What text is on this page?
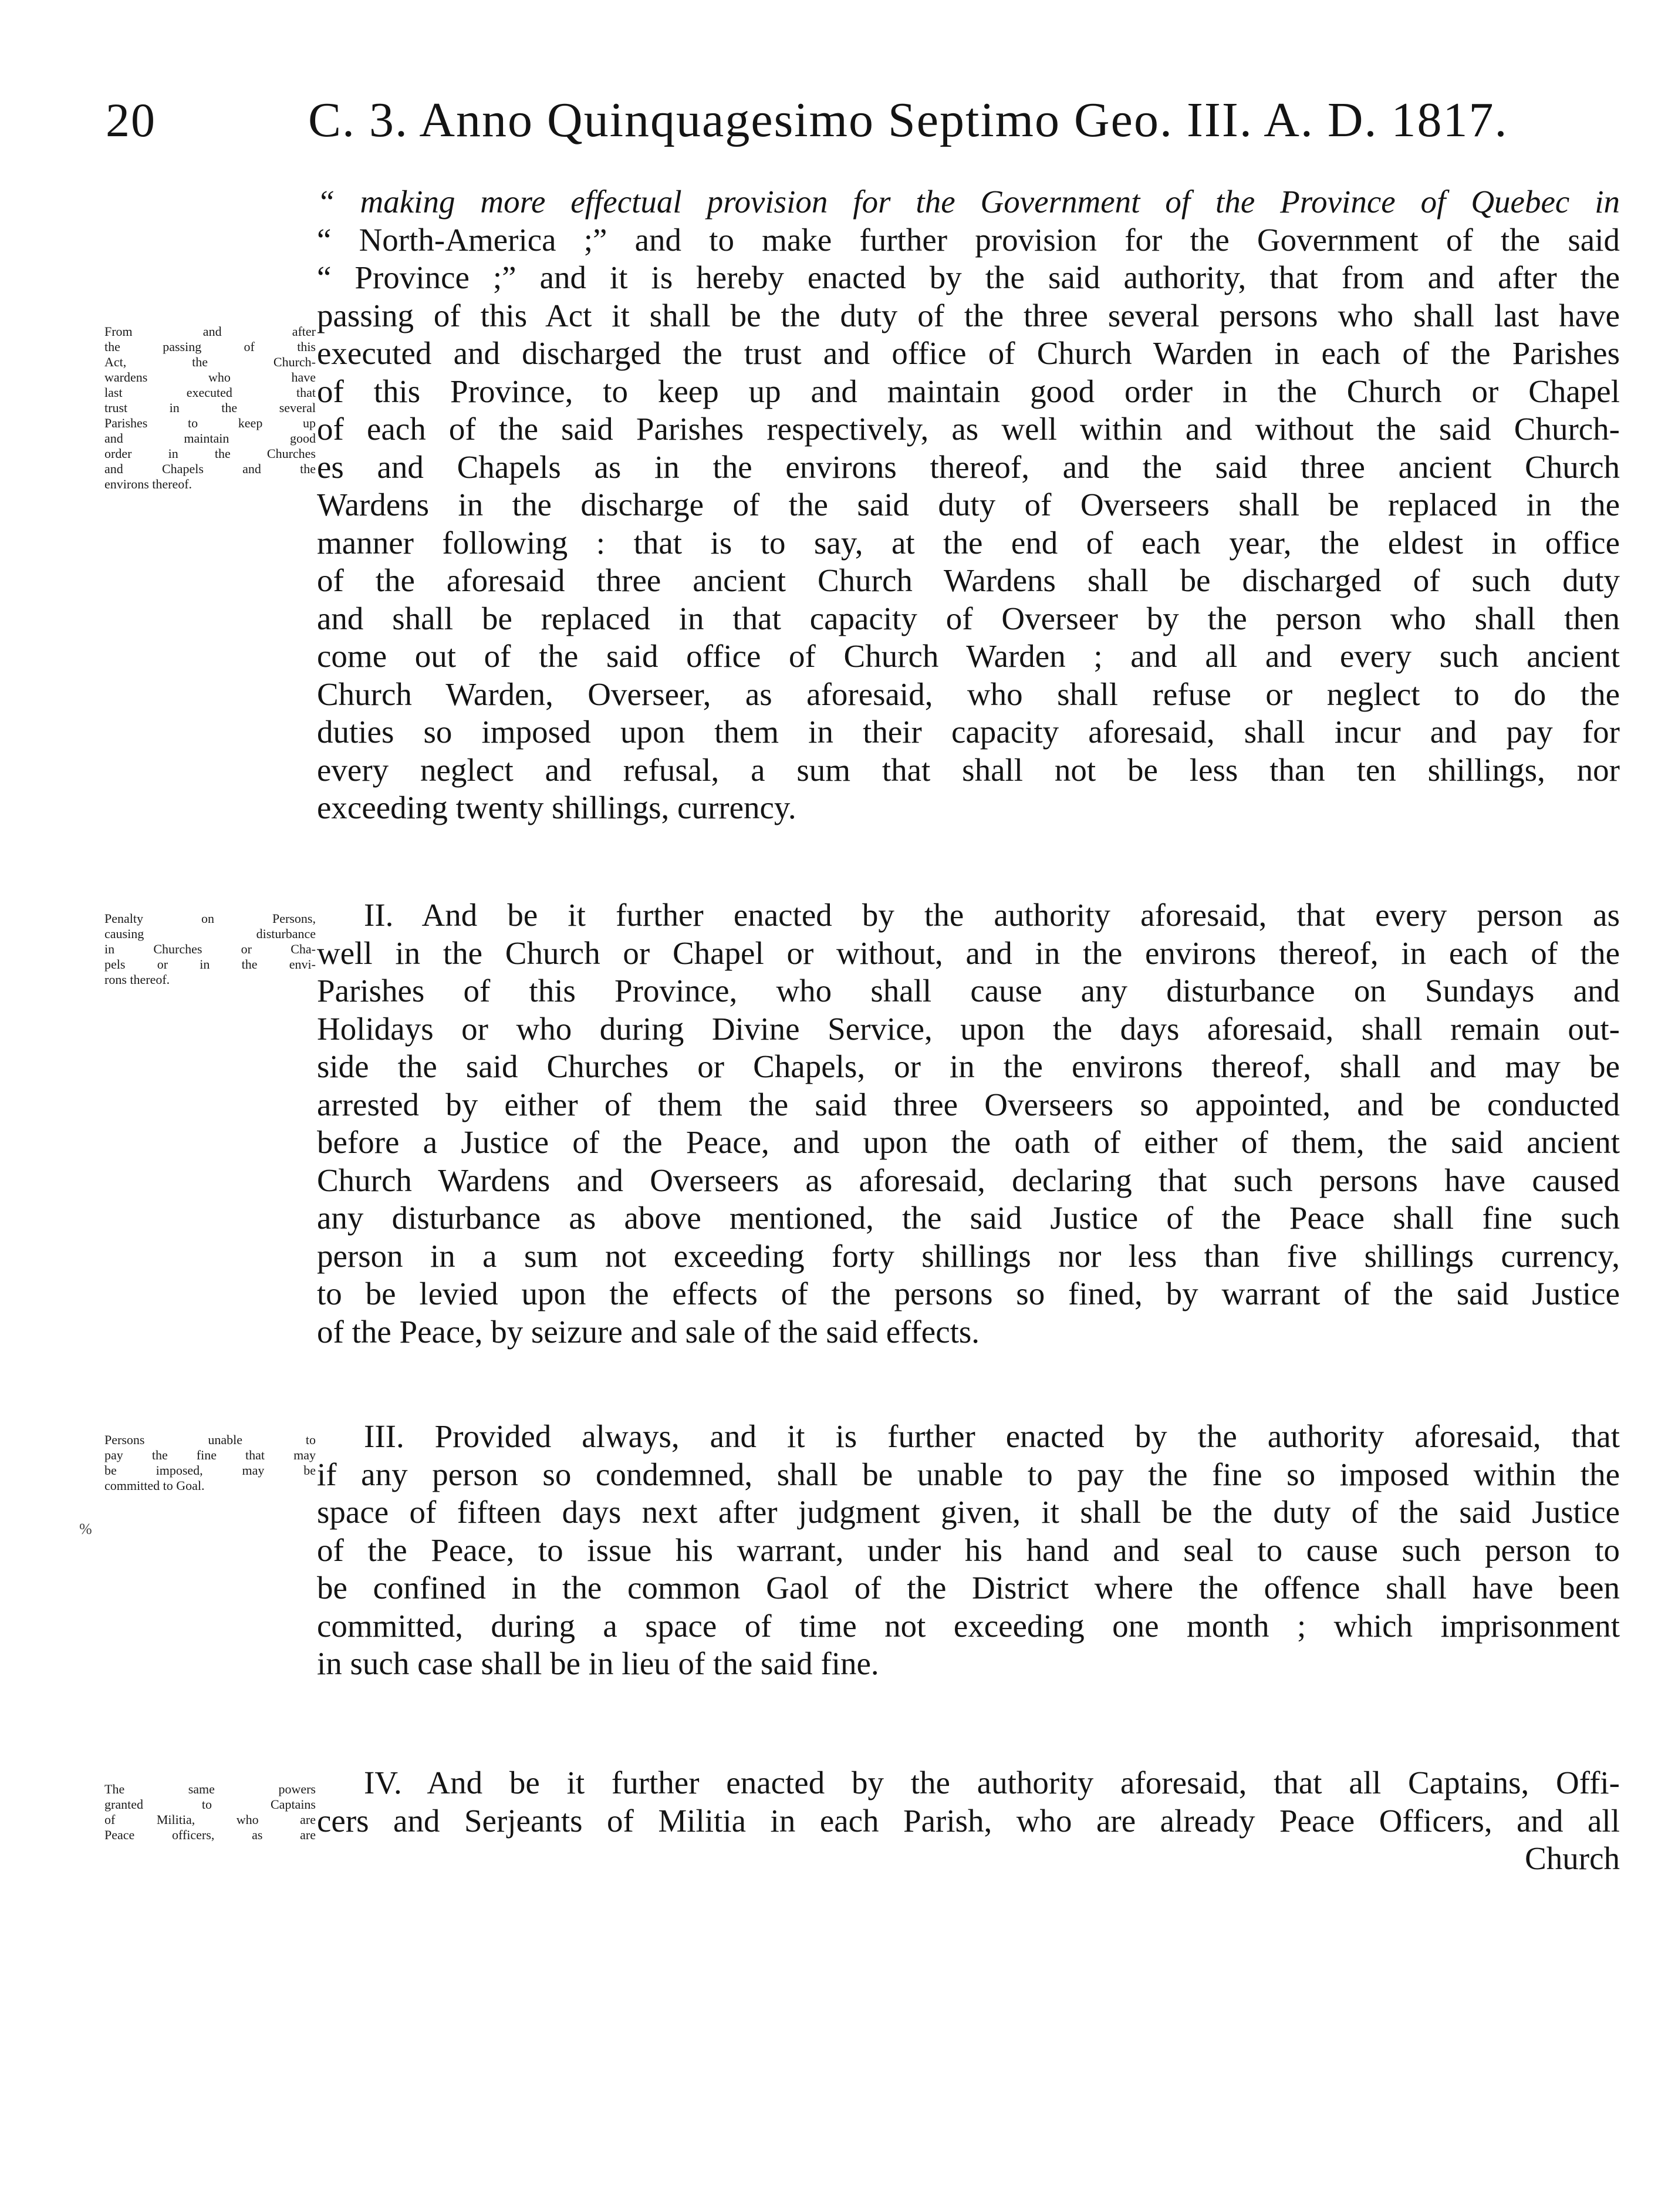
20	C. 3. Anno Quinquagesimo Septimo Geo. III. A. D. 1817.
From and after
the passing of this
Act, the Church-
wardens who have
last executed that
trust in the several
Parishes to keep up
and maintain good
order in the Churches
and Chapels and the
environs thereof.
“ making more effectual provision for the Government of the Province of Quebec in
“ North-America ;” and to make further provision for the Government of the said
“ Province ;” and it is hereby enacted by the said authority, that from and after the
passing of this Act it shall be the duty of the three several persons who shall last have
executed and discharged the trust and office of Church Warden in each of the Parishes
of this Province, to keep up and maintain good order in the Church or Chapel
of each of the said Parishes respectively, as well within and without the said Church-
es and Chapels as in the environs thereof, and the said three ancient Church
Wardens in the discharge of the said duty of Overseers shall be replaced in the
manner following : that is to say, at the end of each year, the eldest in office
of the aforesaid three ancient Church Wardens shall be discharged of such duty
and shall be replaced in that capacity of Overseer by the person who shall then
come out of the said office of Church Warden ; and all and every such ancient
Church Warden, Overseer, as aforesaid, who shall refuse or neglect to do the
duties so imposed upon them in their capacity aforesaid, shall incur and pay for
every neglect and refusal, a sum that shall not be less than ten shillings, nor
exceeding twenty shillings, currency.
Penalty on Persons,
causing disturbance
in Churches or Cha-
pels or in the envi-
rons thereof.
II. And be it further enacted by the authority aforesaid, that every person as
well in the Church or Chapel or without, and in the environs thereof, in each of the
Parishes of this Province, who shall cause any disturbance on Sundays and
Holidays or who during Divine Service, upon the days aforesaid, shall remain out-
side the said Churches or Chapels, or in the environs thereof, shall and may be
arrested by either of them the said three Overseers so appointed, and be conducted
before a Justice of the Peace, and upon the oath of either of them, the said ancient
Church Wardens and Overseers as aforesaid, declaring that such persons have caused
any disturbance as above mentioned, the said Justice of the Peace shall fine such
person in a sum not exceeding forty shillings nor less than five shillings currency,
to be levied upon the effects of the persons so fined, by warrant of the said Justice
of the Peace, by seizure and sale of the said effects.
Persons unable to
pay the fine that may
be imposed, may be
committed to Goal.
%
III. Provided always, and it is further enacted by the authority aforesaid, that
if any person so condemned, shall be unable to pay the fine so imposed within the
space of fifteen days next after judgment given, it shall be the duty of the said Justice
of the Peace, to issue his warrant, under his hand and seal to cause such person to
be confined in the common Gaol of the District where the offence shall have been
committed, during a space of time not exceeding one month ; which imprisonment
in such case shall be in lieu of the said fine.
The same powers
granted to Captains
of Militia, who are
Peace officers, as are
IV. And be it further enacted by the authority aforesaid, that all Captains, Offi-
cers and Serjeants of Militia in each Parish, who are already Peace Officers, and all
Church
